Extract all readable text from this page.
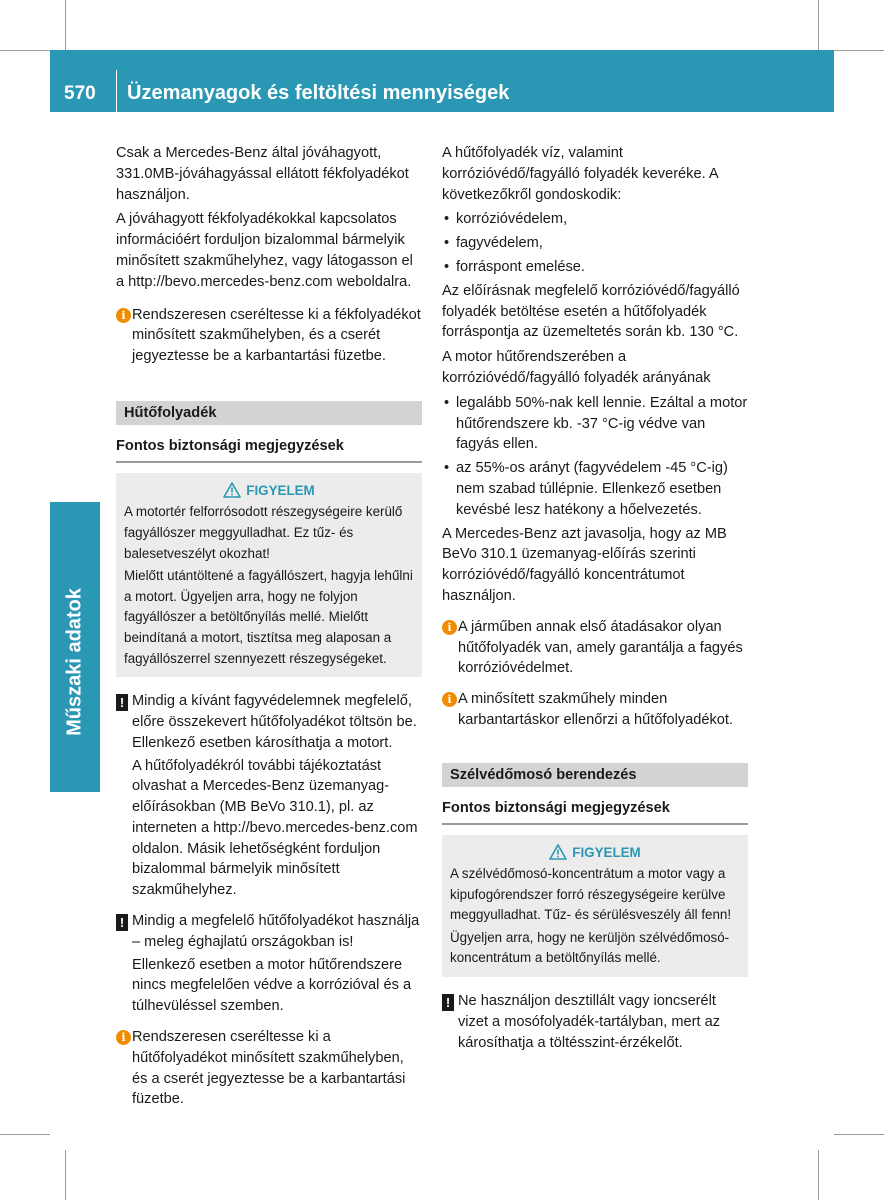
570 Üzemanyagok és feltöltési mennyiségek
Műszaki adatok

Csak a Mercedes-Benz által jóváhagyott, 331.0MB-jóváhagyással ellátott fékfolyadékot használjon.

A jóváhagyott fékfolyadékokkal kapcsolatos információért forduljon bizalommal bármelyik minősített szakműhelyhez, vagy látogasson el a http://bevo.mercedes-benz.com weboldalra.

i Rendszeresen cseréltesse ki a fékfolyadékot minősített szakműhelyben, és a cserét jegyeztesse be a karbantartási füzetbe.
Hűtőfolyadék
Fontos biztonsági megjegyzések
FIGYELEM

A motortér felforrósodott részegységeire kerülő fagyállószer meggyulladhat. Ez tűz- és balesetveszélyt okozhat!

Mielőtt utántöltené a fagyállószert, hagyja lehűlni a motort. Ügyeljen arra, hogy ne folyjon fagyállószer a betöltőnyílás mellé. Mielőtt beindítaná a motort, tisztítsa meg alaposan a fagyállószerrel szennyezett részegységeket.

! Mindig a kívánt fagyvédelemnek megfelelő, előre összekevert hűtőfolyadékot töltsön be. Ellenkező esetben károsíthatja a motort.
A hűtőfolyadékról további tájékoztatást olvashat a Mercedes-Benz üzemanyag-előírásokban (MB BeVo 310.1), pl. az interneten a http://bevo.mercedes-benz.com oldalon. Másik lehetőségként forduljon bizalommal bármelyik minősített szakműhelyhez.
! Mindig a megfelelő hűtőfolyadékot használja – meleg éghajlatú országokban is!
Ellenkező esetben a motor hűtőrendszere nincs megfelelően védve a korrózióval és a túlhevüléssel szemben.
i Rendszeresen cseréltesse ki a hűtőfolyadékot minősített szakműhelyben, és a cserét jegyeztesse be a karbantartási füzetbe.

A hűtőfolyadék víz, valamint korrózióvédő/fagyálló folyadék keveréke. A következőkről gondoskodik:

• korrózióvédelem,
• fagyvédelem,
• forráspont emelése.

Az előírásnak megfelelő korrózióvédő/fagyálló folyadék betöltése esetén a hűtőfolyadék forráspontja az üzemeltetés során kb. 130 °C.

A motor hűtőrendszerében a korrózióvédő/fagyálló folyadék arányának

• legalább 50%-nak kell lennie. Ezáltal a motor hűtőrendszere kb. -37 °C-ig védve van fagyás ellen.
• az 55%-os arányt (fagyvédelem -45 °C-ig) nem szabad túllépnie. Ellenkező esetben kevésbé lesz hatékony a hőelvezetés.

A Mercedes-Benz azt javasolja, hogy az MB BeVo 310.1 üzemanyag-előírás szerinti korrózióvédő/fagyálló koncentrátumot használjon.

i A járműben annak első átadásakor olyan hűtőfolyadék van, amely garantálja a fagyés korrózióvédelmet.
i A minősített szakműhely minden karbantartáskor ellenőrzi a hűtőfolyadékot.
Szélvédőmosó berendezés
Fontos biztonsági megjegyzések
FIGYELEM

A szélvédőmosó-koncentrátum a motor vagy a kipufogórendszer forró részegységeire kerülve meggyulladhat. Tűz- és sérülésveszély áll fenn!

Ügyeljen arra, hogy ne kerüljön szélvédőmosó-koncentrátum a betöltőnyílás mellé.

! Ne használjon desztillált vagy ioncserélt vizet a mosófolyadék-tartályban, mert az károsíthatja a töltésszint-érzékelőt.
